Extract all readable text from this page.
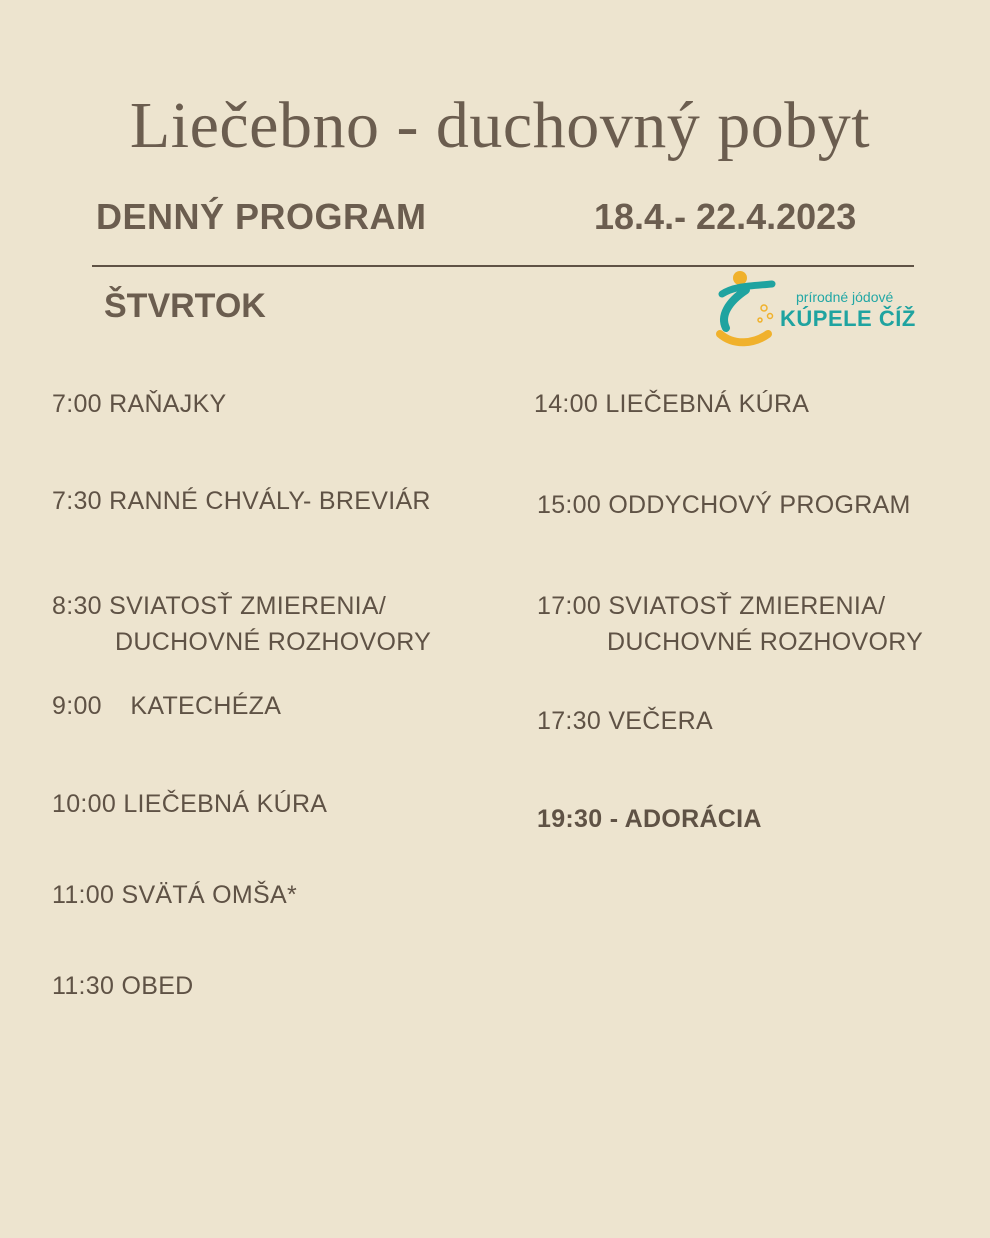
Liečebno - duchovný pobyt
DENNÝ PROGRAM	18.4.- 22.4.2023
ŠTVRTOK	prírodné jódové
KÚPELE ČÍŽ
7:00 RAŇAJKY
7:30 RANNÉ CHVÁLY- BREVIÁR
8:30 SVIATOSŤ ZMIERENIA/
DUCHOVNÉ ROZHOVORY
9:00 KATECHÉZA
10:00 LIEČEBNÁ KÚRA
11:00 SVÄTÁ OMŠA*
11:30 OBED
14:00 LIEČEBNÁ KÚRA
15:00 ODDYCHOVÝ PROGRAM
17:00 SVIATOSŤ ZMIERENIA/
DUCHOVNÉ ROZHOVORY
17:30 VEČERA
19:30 - ADORÁCIA
